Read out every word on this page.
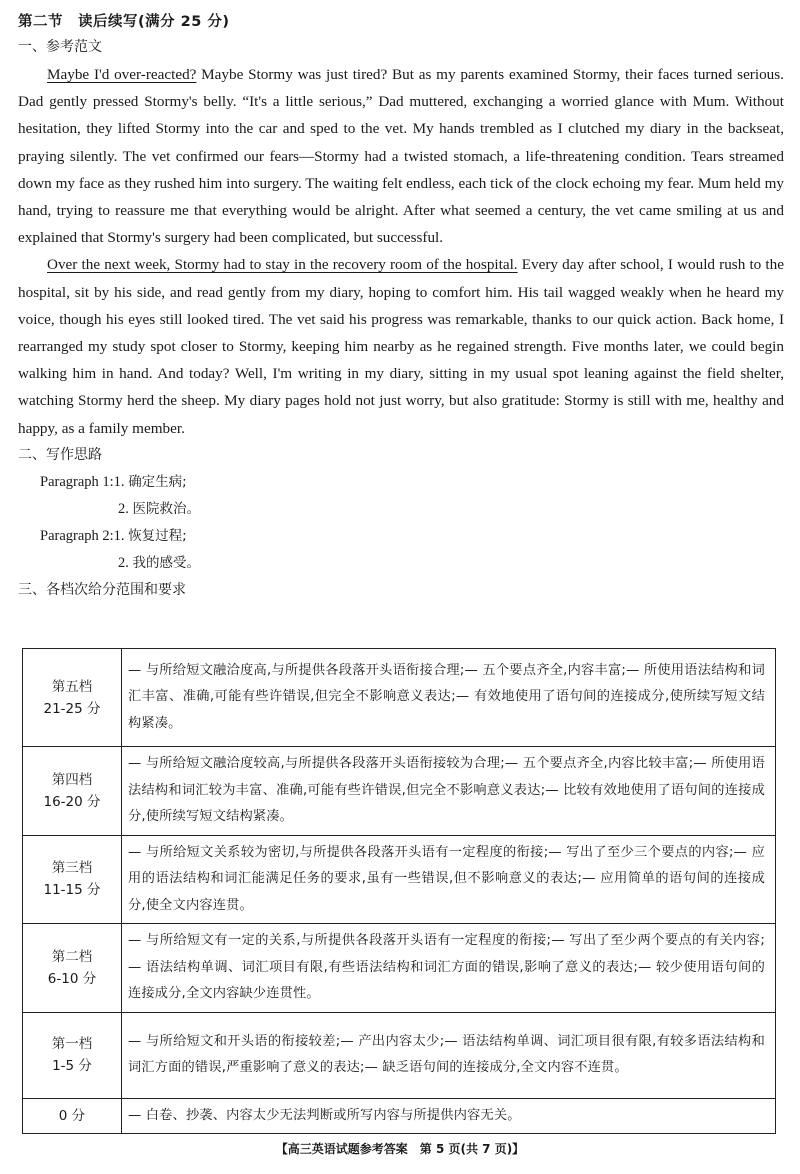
第二节　读后续写(满分 25 分)
一、参考范文

Maybe I'd over-reacted? Maybe Stormy was just tired? But as my parents examined Stormy, their faces turned serious. Dad gently pressed Stormy's belly. “It's a little serious,” Dad muttered, exchanging a worried glance with Mum. Without hesitation, they lifted Stormy into the car and sped to the vet. My hands trembled as I clutched my diary in the backseat, praying silently. The vet confirmed our fears—Stormy had a twisted stomach, a life-threatening condition. Tears streamed down my face as they rushed him into surgery. The waiting felt endless, each tick of the clock echoing my fear. Mum held my hand, trying to reassure me that everything would be alright. After what seemed a century, the vet came smiling at us and explained that Stormy's surgery had been complicated, but successful.

Over the next week, Stormy had to stay in the recovery room of the hospital. Every day after school, I would rush to the hospital, sit by his side, and read gently from my diary, hoping to comfort him. His tail wagged weakly when he heard my voice, though his eyes still looked tired. The vet said his progress was remarkable, thanks to our quick action. Back home, I rearranged my study spot closer to Stormy, keeping him nearby as he regained strength. Five months later, we could begin walking him in hand. And today? Well, I'm writing in my diary, sitting in my usual spot leaning against the field shelter, watching Stormy herd the sheep. My diary pages hold not just worry, but also gratitude: Stormy is still with me, healthy and happy, as a family member.

二、写作思路
Paragraph 1:1. 确定生病;
2. 医院救治。
Paragraph 2:1. 恢复过程;
2. 我的感受。
三、各档次给分范围和要求
第五档
21-25 分	— 与所给短文融洽度高,与所提供各段落开头语衔接合理;— 五个要点齐全,内容丰富;— 所使用语法结构和词汇丰富、准确,可能有些许错误,但完全不影响意义表达;— 有效地使用了语句间的连接成分,使所续写短文结构紧凑。

第四档
16-20 分	— 与所给短文融洽度较高,与所提供各段落开头语衔接较为合理;— 五个要点齐全,内容比较丰富;— 所使用语法结构和词汇较为丰富、准确,可能有些许错误,但完全不影响意义表达;— 比较有效地使用了语句间的连接成分,使所续写短文结构紧凑。

第三档
11-15 分	— 与所给短文关系较为密切,与所提供各段落开头语有一定程度的衔接;— 写出了至少三个要点的内容;— 应用的语法结构和词汇能满足任务的要求,虽有一些错误,但不影响意义的表达;— 应用简单的语句间的连接成分,使全文内容连贯。

第二档
6-10 分	— 与所给短文有一定的关系,与所提供各段落开头语有一定程度的衔接;— 写出了至少两个要点的有关内容;— 语法结构单调、词汇项目有限,有些语法结构和词汇方面的错误,影响了意义的表达;— 较少使用语句间的连接成分,全文内容缺少连贯性。

第一档
1-5 分	— 与所给短文和开头语的衔接较差;— 产出内容太少;— 语法结构单调、词汇项目很有限,有较多语法结构和词汇方面的错误,严重影响了意义的表达;— 缺乏语句间的连接成分,全文内容不连贯。

0 分	— 白卷、抄袭、内容太少无法判断或所写内容与所提供内容无关。
【高三英语试题参考答案　第 5 页(共 7 页)】
